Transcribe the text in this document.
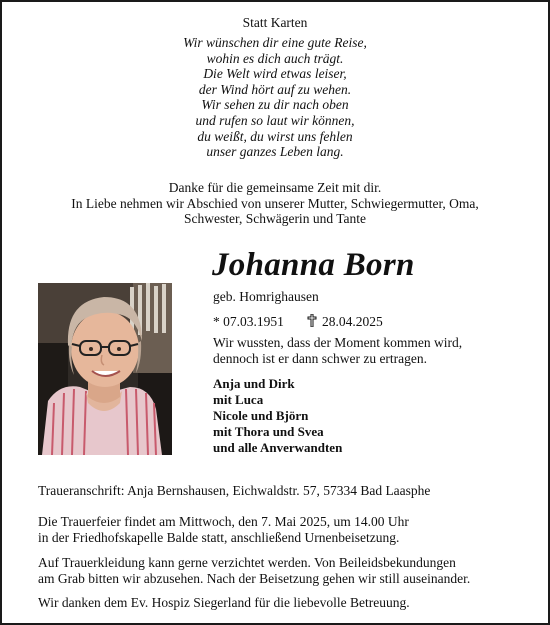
Statt Karten
Wir wünschen dir eine gute Reise,
wohin es dich auch trägt.
Die Welt wird etwas leiser,
der Wind hört auf zu wehen.
Wir sehen zu dir nach oben
und rufen so laut wir können,
du weißt, du wirst uns fehlen
unser ganzes Leben lang.
Danke für die gemeinsame Zeit mit dir.
In Liebe nehmen wir Abschied von unserer Mutter, Schwiegermutter, Oma,
Schwester, Schwägerin und Tante
Johanna Born
geb. Homrighausen
* 07.03.1951	28.04.2025
Wir wussten, dass der Moment kommen wird,
dennoch ist er dann schwer zu ertragen.
Anja und Dirk
mit Luca
Nicole und Björn
mit Thora und Svea
und alle Anverwandten
Traueranschrift: Anja Bernshausen, Eichwaldstr. 57, 57334 Bad Laasphe
Die Trauerfeier findet am Mittwoch, den 7. Mai 2025, um 14.00 Uhr
in der Friedhofskapelle Balde statt, anschließend Urnenbeisetzung.
Auf Trauerkleidung kann gerne verzichtet werden. Von Beileidsbekundungen
am Grab bitten wir abzusehen. Nach der Beisetzung gehen wir still auseinander.
Wir danken dem Ev. Hospiz Siegerland für die liebevolle Betreuung.
